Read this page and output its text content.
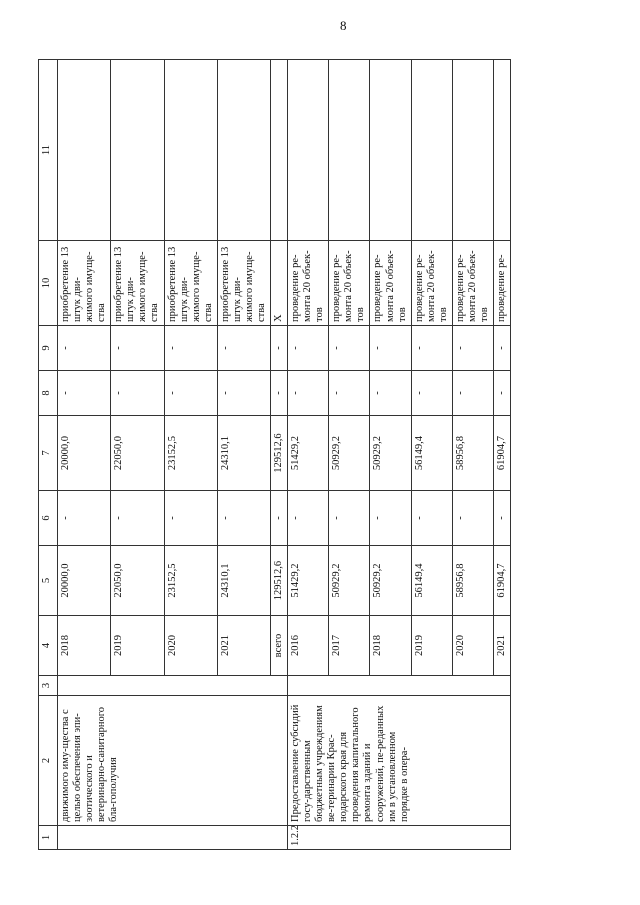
8
1	2	3	4	5	6	7	8	9	10	11
	движимого иму-щества с целью обеспечения эпи-зоотического и ветеринарно-санитарного бла-гополучия		2018	20000,0	-	20000,0	-	-	приобретение 13 штук дви-жимого имуще-ства	
			2019	22050,0	-	22050,0	-	-	приобретение 13 штук дви-жимого имуще-ства	
			2020	23152,5	-	23152,5	-	-	приобретение 13 штук дви-жимого имуще-ства	
			2021	24310,1	-	24310,1	-	-	приобретение 13 штук дви-жимого имуще-ства	
			всего	129512,6	-	129512,6	-	-	X	
1.2.2	Предоставление субсидий госу-дарственным бюджетным учреждениям ве-теринарии Крас-нодарского края для проведения капитального ремонта зданий и сооружений, пе-реданных им в установленном порядке в опера-		2016	51429,2	-	51429,2	-	-	проведение ре-монта 20 объек-тов	
			2017	50929,2	-	50929,2	-	-	проведение ре-монта 20 объек-тов	
			2018	50929,2	-	50929,2	-	-	проведение ре-монта 20 объек-тов	
			2019	56149,4	-	56149,4	-	-	проведение ре-монта 20 объек-тов	
			2020	58956,8	-	58956,8	-	-	проведение ре-монта 20 объек-тов	
			2021	61904,7	-	61904,7	-	-	проведение ре-	
